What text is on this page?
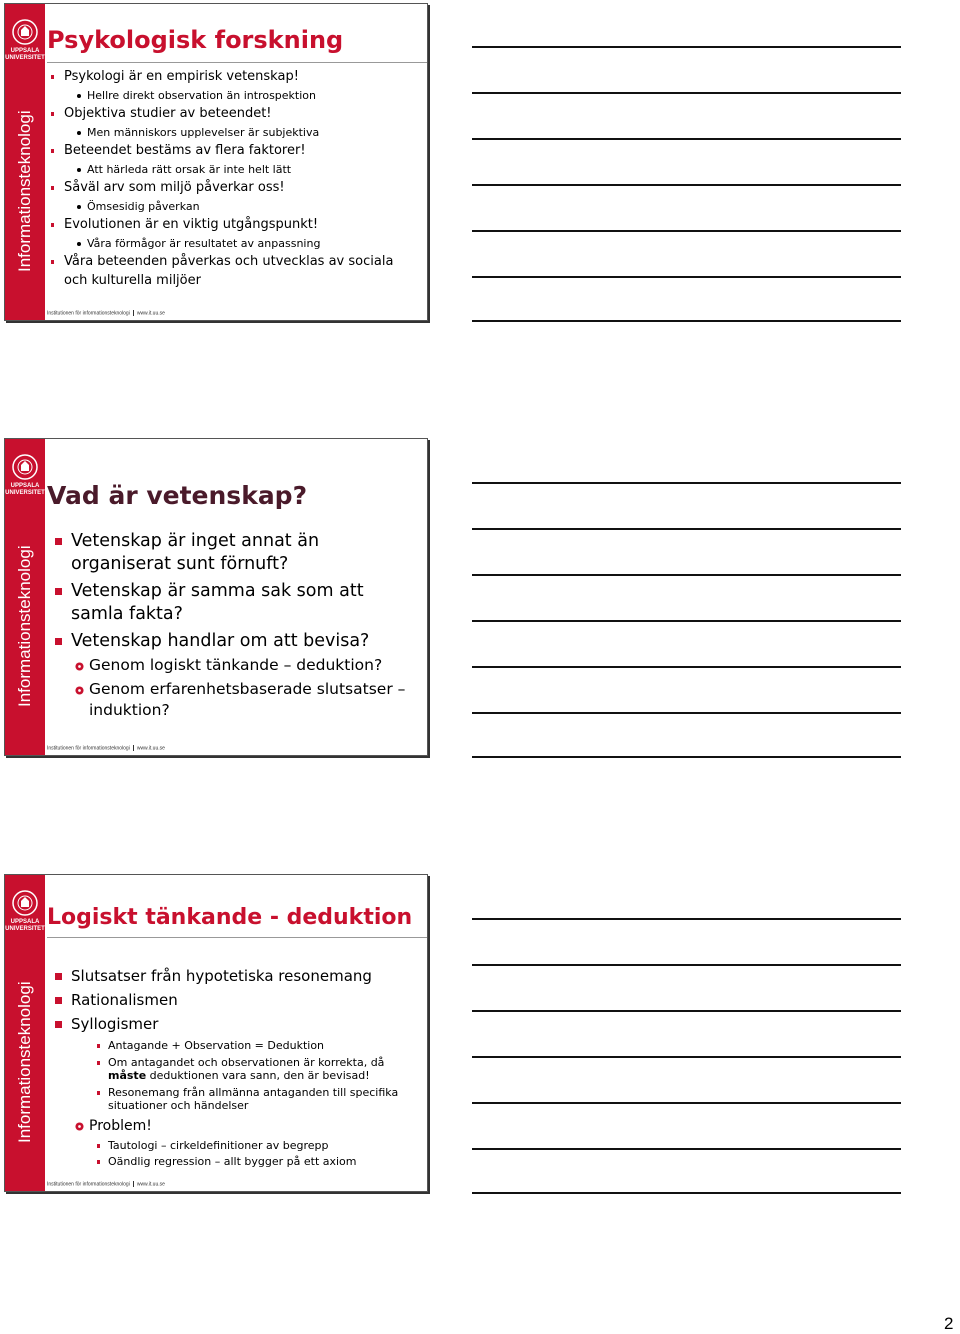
UPPSALA
UNIVERSITET
Informationsteknologi
Psykologisk forskning
Psykologi är en empirisk vetenskap!
Hellre direkt observation än introspektion
Objektiva studier av beteendet!
Men människors upplevelser är subjektiva
Beteendet bestäms av flera faktorer!
Att härleda rätt orsak är inte helt lätt
Såväl arv som miljö påverkar oss!
Ömsesidig påverkan
Evolutionen är en viktig utgångspunkt!
Våra förmågor är resultatet av anpassning
Våra beteenden påverkas och utvecklas av sociala och kulturella miljöer
Institutionen för informationsteknologi www.it.uu.se
UPPSALA
UNIVERSITET
Informationsteknologi
Vad är vetenskap?
Vetenskap är inget annat än organiserat sunt förnuft?
Vetenskap är samma sak som att samla fakta?
Vetenskap handlar om att bevisa?
Genom logiskt tänkande – deduktion?
Genom erfarenhetsbaserade slutsatser – induktion?
Institutionen för informationsteknologi www.it.uu.se
UPPSALA
UNIVERSITET
Informationsteknologi
Logiskt tänkande - deduktion
Slutsatser från hypotetiska resonemang
Rationalismen
Syllogismer
Antagande + Observation = Deduktion
Om antagandet och observationen är korrekta, då måste deduktionen vara sann, den är bevisad!
Resonemang från allmänna antaganden till specifika situationer och händelser
Problem!
Tautologi – cirkeldefinitioner av begrepp
Oändlig regression – allt bygger på ett axiom
Institutionen för informationsteknologi www.it.uu.se
2
